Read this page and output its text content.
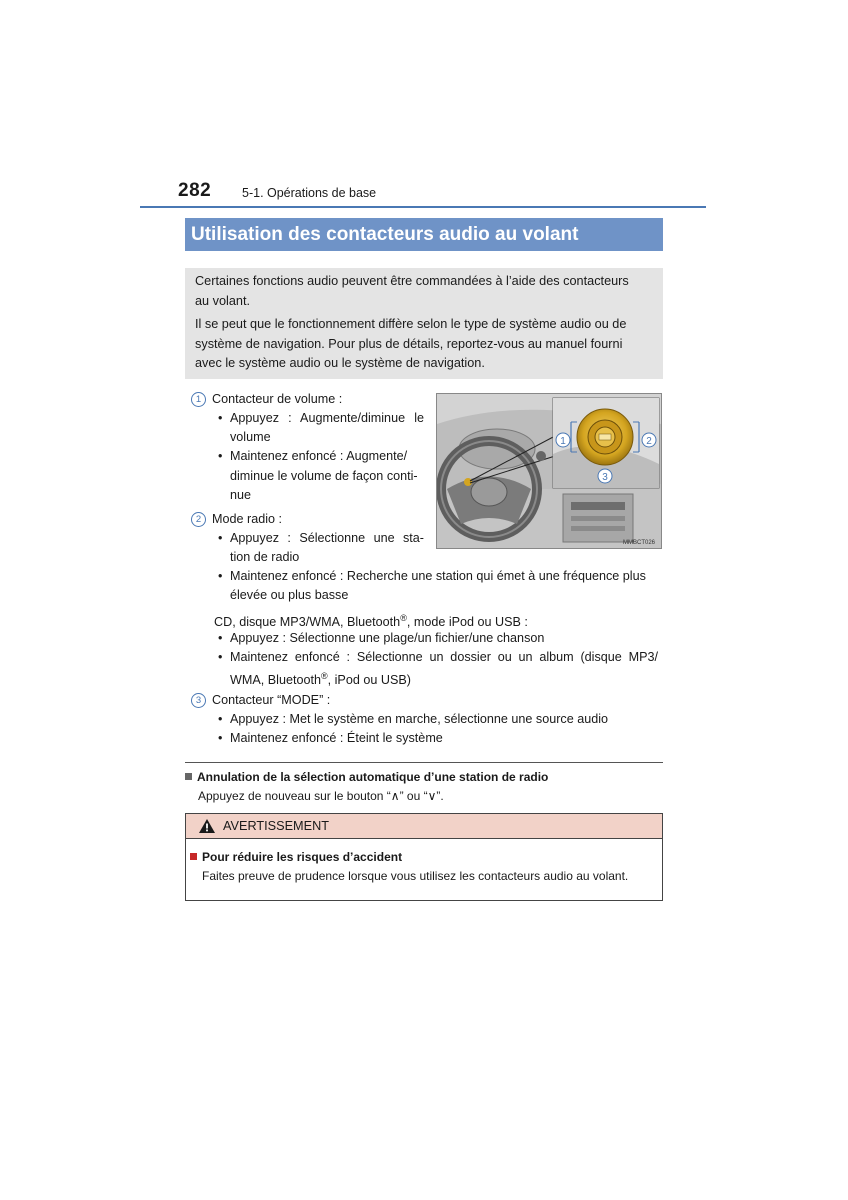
282 5-1. Opérations de base
Utilisation des contacteurs audio au volant

Certaines fonctions audio peuvent être commandées à l’aide des contacteurs
au volant.

Il se peut que le fonctionnement diffère selon le type de système audio ou de
système de navigation. Pour plus de détails, reportez-vous au manuel fourni
avec le système audio ou le système de navigation.

1	2
3
MMBCT026
1 Contacteur de volume :
• Appuyez : Augmente/diminue le
volume
• Maintenez enfoncé : Augmente/
diminue le volume de façon conti-
nue
2 Mode radio :
• Appuyez : Sélectionne une sta-
tion de radio
• Maintenez enfoncé : Recherche une station qui émet à une fréquence plus
élevée ou plus basse
CD, disque MP3/WMA, Bluetooth®, mode iPod ou USB :
• Appuyez : Sélectionne une plage/un fichier/une chanson
• Maintenez enfoncé : Sélectionne un dossier ou un album (disque MP3/
WMA, Bluetooth®, iPod ou USB)
3 Contacteur “MODE” :
• Appuyez : Met le système en marche, sélectionne une source audio
• Maintenez enfoncé : Éteint le système
Annulation de la sélection automatique d’une station de radio
Appuyez de nouveau sur le bouton “∧” ou “∨”.
AVERTISSEMENT
Pour réduire les risques d’accident
Faites preuve de prudence lorsque vous utilisez les contacteurs audio au volant.
